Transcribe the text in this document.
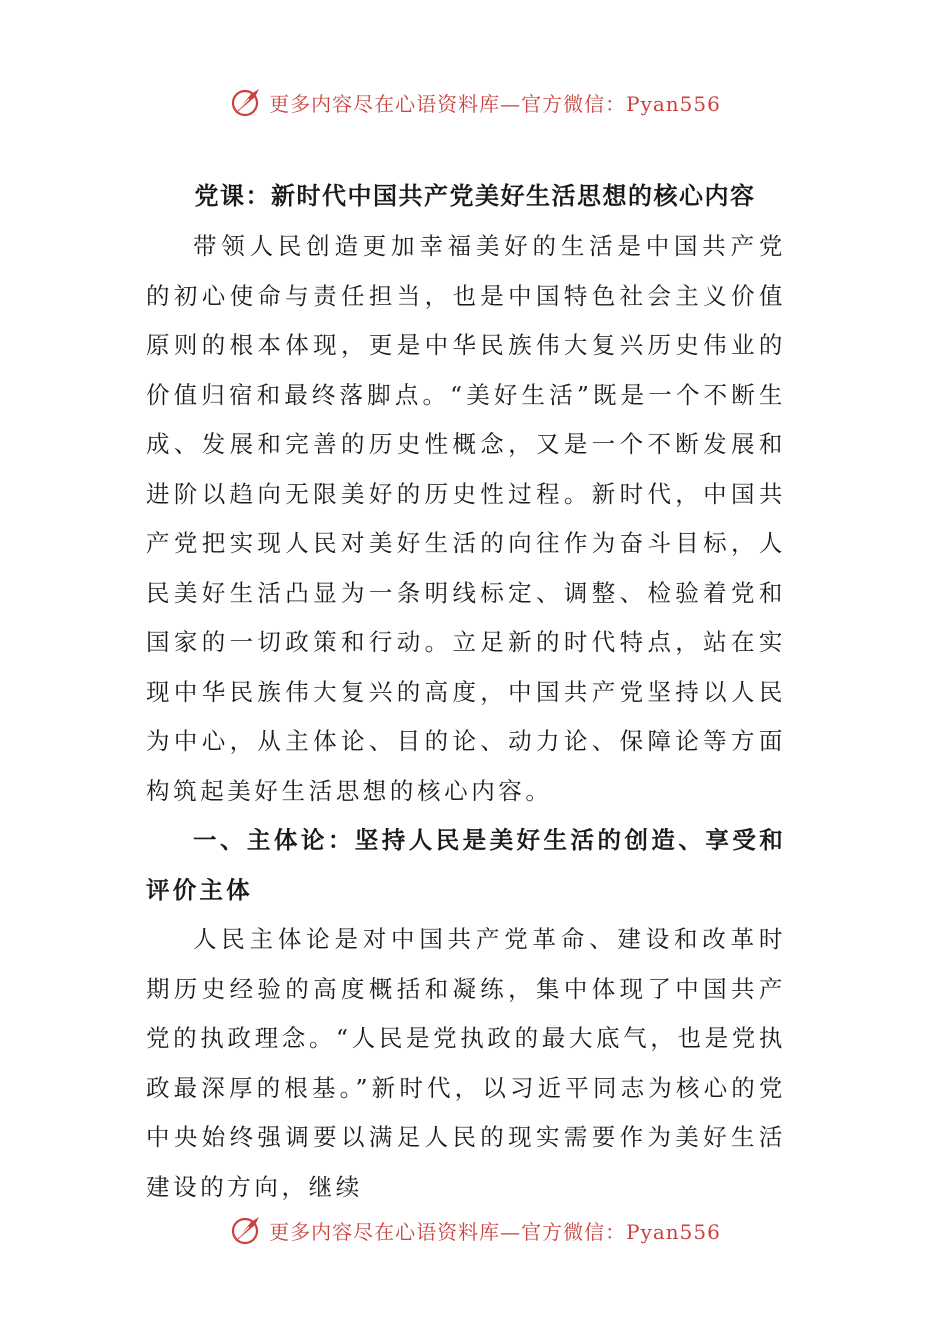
更多内容尽在心语资料库—官方微信：Pyan556
党课：新时代中国共产党美好生活思想的核心内容

带领人民创造更加幸福美好的生活是中国共产党的初心使命与责任担当，也是中国特色社会主义价值原则的根本体现，更是中华民族伟大复兴历史伟业的价值归宿和最终落脚点。“美好生活”既是一个不断生成、发展和完善的历史性概念，又是一个不断发展和进阶以趋向无限美好的历史性过程。新时代，中国共产党把实现人民对美好生活的向往作为奋斗目标，人民美好生活凸显为一条明线标定、调整、检验着党和国家的一切政策和行动。立足新的时代特点，站在实现中华民族伟大复兴的高度，中国共产党坚持以人民为中心，从主体论、目的论、动力论、保障论等方面构筑起美好生活思想的核心内容。

一、主体论：坚持人民是美好生活的创造、享受和评价主体

人民主体论是对中国共产党革命、建设和改革时期历史经验的高度概括和凝练，集中体现了中国共产党的执政理念。“人民是党执政的最大底气，也是党执政最深厚的根基。”新时代，以习近平同志为核心的党中央始终强调要以满足人民的现实需要作为美好生活建设的方向，继续

更多内容尽在心语资料库—官方微信：Pyan556
